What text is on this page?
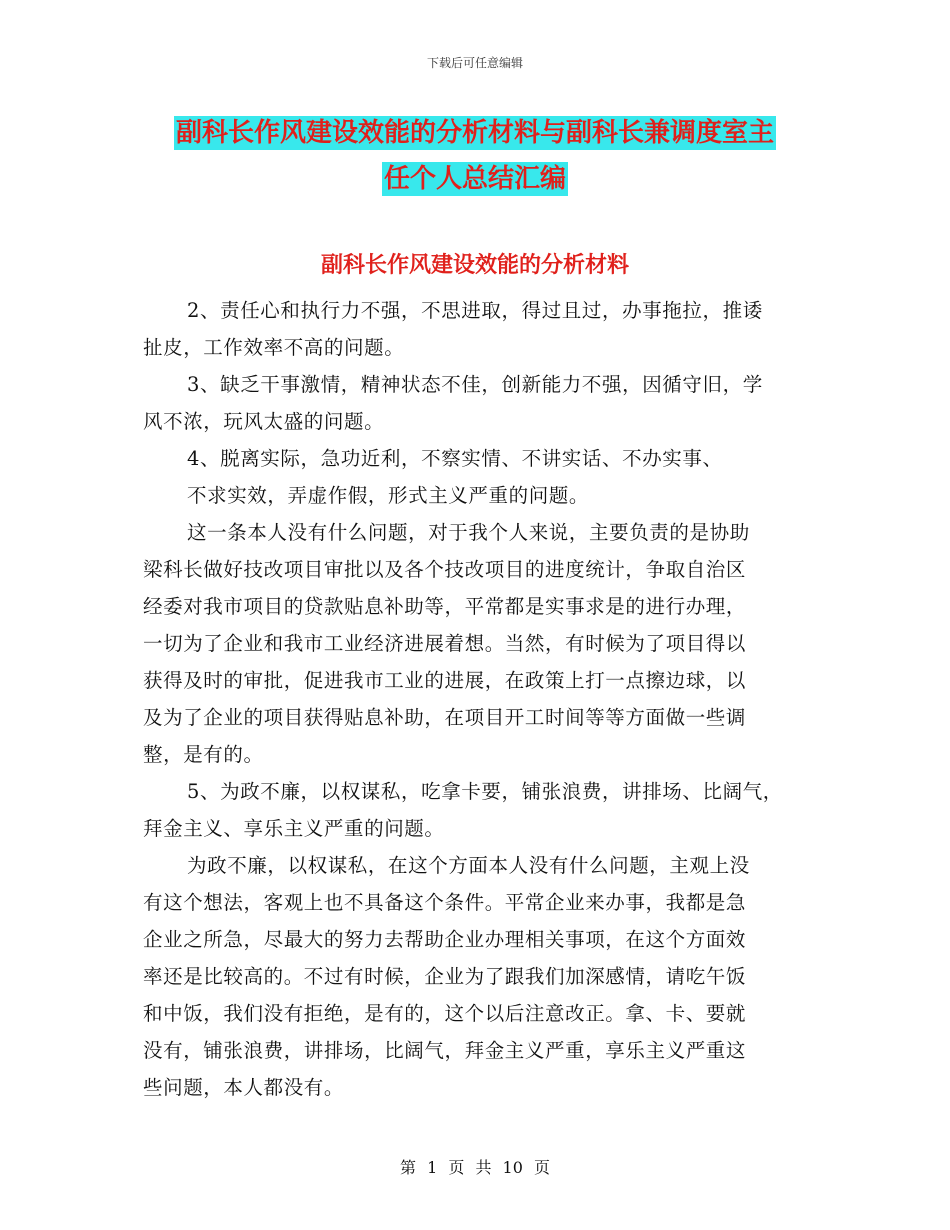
下载后可任意编辑
副科长作风建设效能的分析材料与副科长兼调度室主
任个人总结汇编
副科长作风建设效能的分析材料
2、责任心和执行力不强，不思进取，得过且过，办事拖拉，推诿
扯皮，工作效率不高的问题。
3、缺乏干事激情，精神状态不佳，创新能力不强，因循守旧，学
风不浓，玩风太盛的问题。
4、脱离实际，急功近利，不察实情、不讲实话、不办实事、
不求实效，弄虚作假，形式主义严重的问题。
这一条本人没有什么问题，对于我个人来说，主要负责的是协助
梁科长做好技改项目审批以及各个技改项目的进度统计，争取自治区
经委对我市项目的贷款贴息补助等，平常都是实事求是的进行办理，
一切为了企业和我市工业经济进展着想。当然，有时候为了项目得以
获得及时的审批，促进我市工业的进展，在政策上打一点擦边球，以
及为了企业的项目获得贴息补助，在项目开工时间等等方面做一些调
整，是有的。
5、为政不廉，以权谋私，吃拿卡要，铺张浪费，讲排场、比阔气，
拜金主义、享乐主义严重的问题。
为政不廉，以权谋私，在这个方面本人没有什么问题，主观上没
有这个想法，客观上也不具备这个条件。平常企业来办事，我都是急
企业之所急，尽最大的努力去帮助企业办理相关事项，在这个方面效
率还是比较高的。不过有时候，企业为了跟我们加深感情，请吃午饭
和中饭，我们没有拒绝，是有的，这个以后注意改正。拿、卡、要就
没有，铺张浪费，讲排场，比阔气，拜金主义严重，享乐主义严重这
些问题，本人都没有。
第 1 页 共 10 页
